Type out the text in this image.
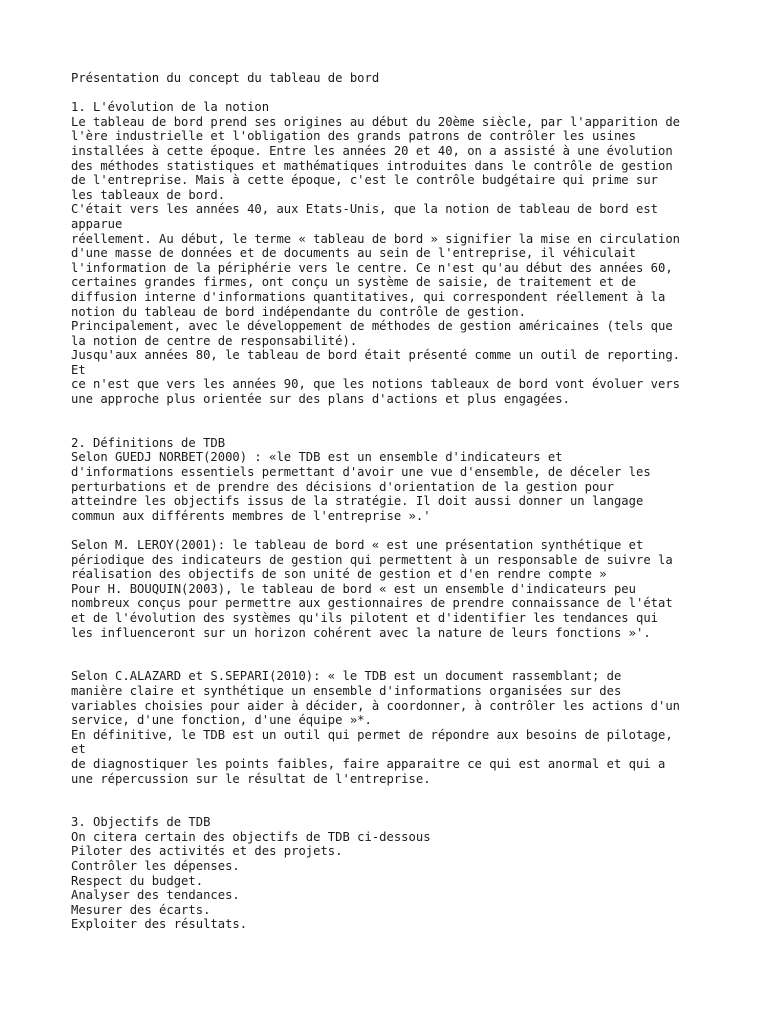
Présentation du concept du tableau de bord
1. L'évolution de la notion
Le tableau de bord prend ses origines au début du 20ème siècle, par l'apparition de
l'ère industrielle et l'obligation des grands patrons de contrôler les usines
installées à cette époque. Entre les années 20 et 40, on a assisté à une évolution
des méthodes statistiques et mathématiques introduites dans le contrôle de gestion
de l'entreprise. Mais à cette époque, c'est le contrôle budgétaire qui prime sur
les tableaux de bord.
C'était vers les années 40, aux Etats-Unis, que la notion de tableau de bord est
apparue
réellement. Au début, le terme « tableau de bord » signifier la mise en circulation
d'une masse de données et de documents au sein de l'entreprise, il véhiculait
l'information de la périphérie vers le centre. Ce n'est qu'au début des années 60,
certaines grandes firmes, ont conçu un système de saisie, de traitement et de
diffusion interne d'informations quantitatives, qui correspondent réellement à la
notion du tableau de bord indépendante du contrôle de gestion.
Principalement, avec le développement de méthodes de gestion américaines (tels que
la notion de centre de responsabilité).
Jusqu'aux années 80, le tableau de bord était présenté comme un outil de reporting.
Et
ce n'est que vers les années 90, que les notions tableaux de bord vont évoluer vers
une approche plus orientée sur des plans d'actions et plus engagées.
2. Définitions de TDB
Selon GUEDJ NORBET(2000) : «le TDB est un ensemble d'indicateurs et
d'informations essentiels permettant d'avoir une vue d'ensemble, de déceler les
perturbations et de prendre des décisions d'orientation de la gestion pour
atteindre les objectifs issus de la stratégie. Il doit aussi donner un langage
commun aux différents membres de l'entreprise ».'
Selon M. LEROY(2001): le tableau de bord « est une présentation synthétique et
périodique des indicateurs de gestion qui permettent à un responsable de suivre la
réalisation des objectifs de son unité de gestion et d'en rendre compte »
Pour H. BOUQUIN(2003), le tableau de bord « est un ensemble d'indicateurs peu
nombreux conçus pour permettre aux gestionnaires de prendre connaissance de l'état
et de l'évolution des systèmes qu'ils pilotent et d'identifier les tendances qui
les influenceront sur un horizon cohérent avec la nature de leurs fonctions »'.
Selon C.ALAZARD et S.SEPARI(2010): « le TDB est un document rassemblant; de
manière claire et synthétique un ensemble d'informations organisées sur des
variables choisies pour aider à décider, à coordonner, à contrôler les actions d'un
service, d'une fonction, d'une équipe »*.
En définitive, le TDB est un outil qui permet de répondre aux besoins de pilotage,
et
de diagnostiquer les points faibles, faire apparaitre ce qui est anormal et qui a
une répercussion sur le résultat de l'entreprise.
3. Objectifs de TDB
On citera certain des objectifs de TDB ci-dessous
Piloter des activités et des projets.
Contrôler les dépenses.
Respect du budget.
Analyser des tendances.
Mesurer des écarts.
Exploiter des résultats.
